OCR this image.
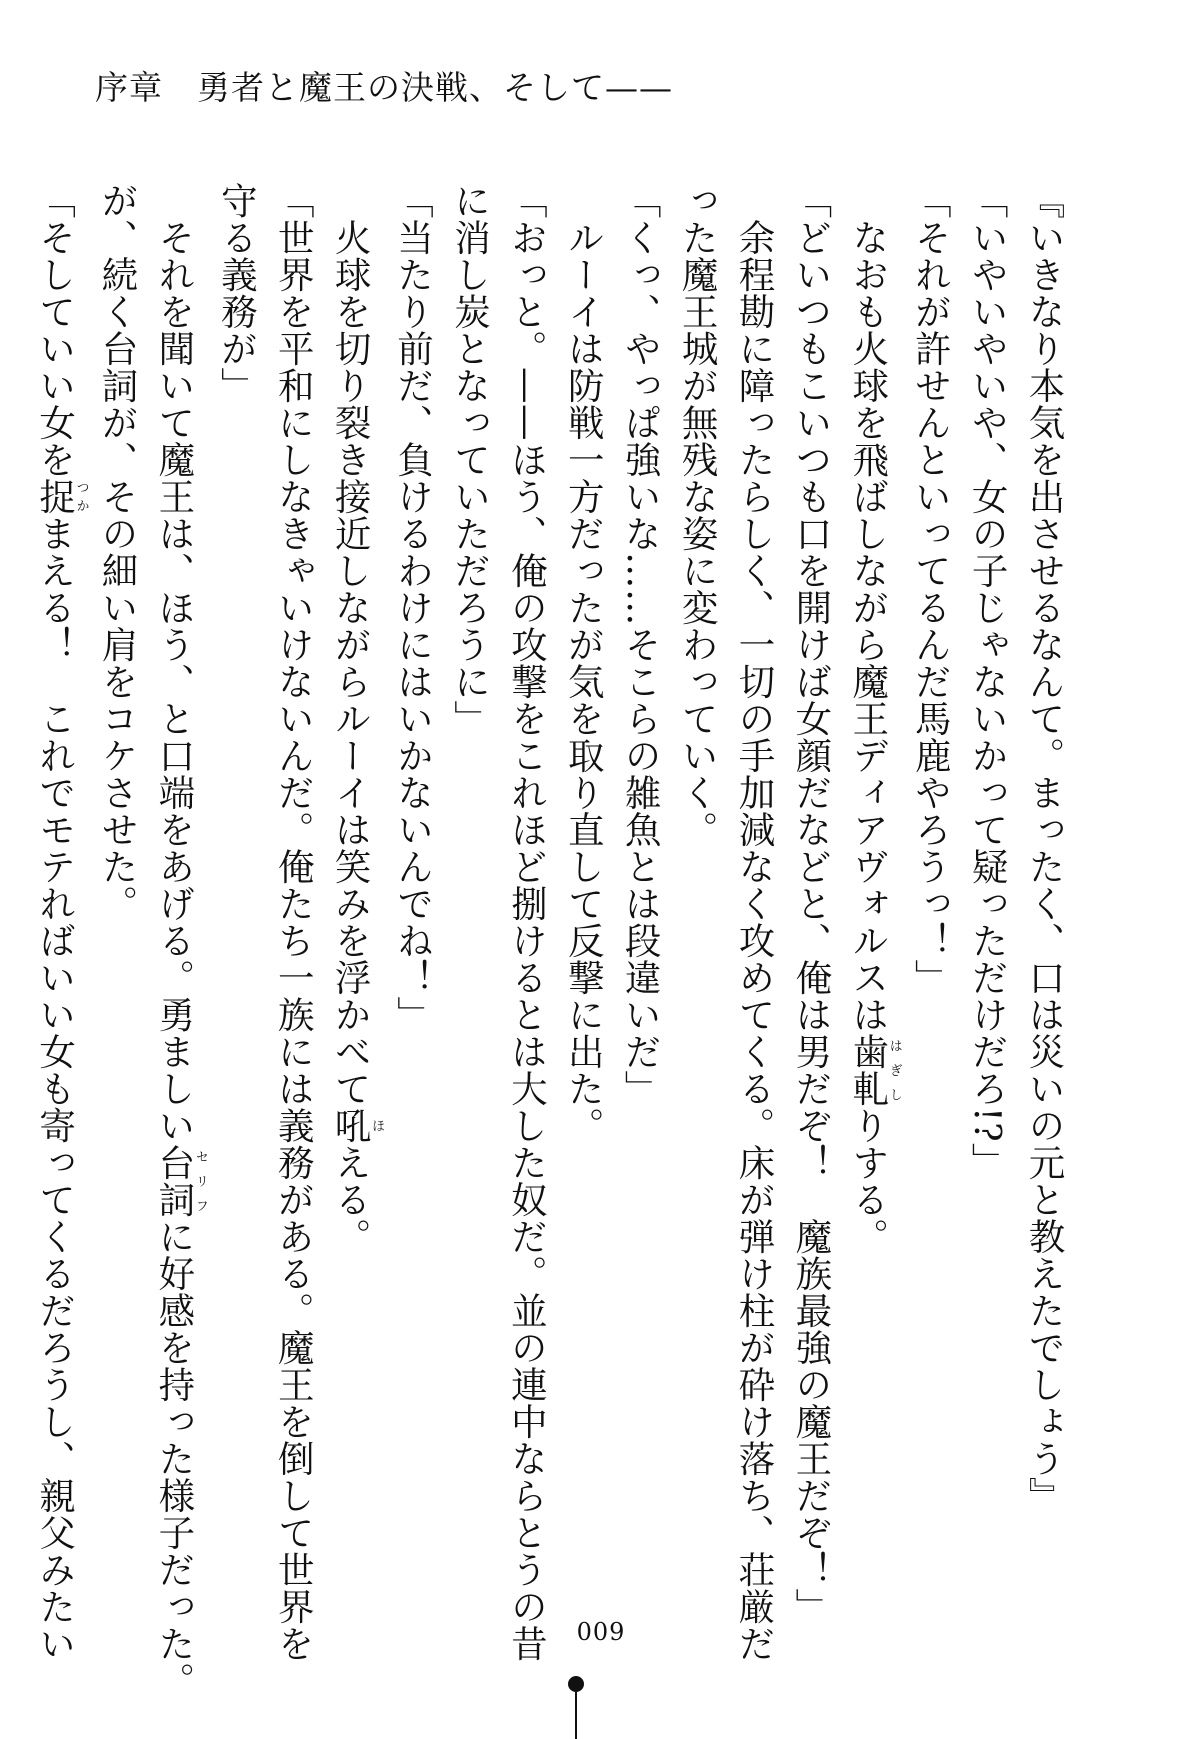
序章　勇者と魔王の決戦、そして——
『いきなり本気を出させるなんて。まったく、口は災いの元と教えたでしょう』
「いやいやいや、女の子じゃないかって疑っただけだろ!?」
「それが許せんといってるんだ馬鹿やろうっ！」
なおも火球を飛ばしながら魔王ディアヴォルスは歯軋はぎしりする。
「どいつもこいつも口を開けば女顔だなどと、俺は男だぞ！　魔族最強の魔王だぞ！」
余程勘に障ったらしく、一切の手加減なく攻めてくる。床が弾け柱が砕け落ち、荘厳だ
った魔王城が無残な姿に変わっていく。
「くっ、やっぱ強いな……そこらの雑魚とは段違いだ」
ルーイは防戦一方だったが気を取り直して反撃に出た。
「おっと。——ほう、俺の攻撃をこれほど捌けるとは大した奴だ。並の連中ならとうの昔
に消し炭となっていただろうに」
「当たり前だ、負けるわけにはいかないんでね！」
火球を切り裂き接近しながらルーイは笑みを浮かべて吼ほえる。
「世界を平和にしなきゃいけないんだ。俺たち一族には義務がある。魔王を倒して世界を
守る義務が」
それを聞いて魔王は、ほう、と口端をあげる。勇ましい台詞セリフに好感を持った様子だった。
が、続く台詞が、その細い肩をコケさせた。
「そしていい女を捉つかまえる！　これでモテればいい女も寄ってくるだろうし、親父みたい	009
